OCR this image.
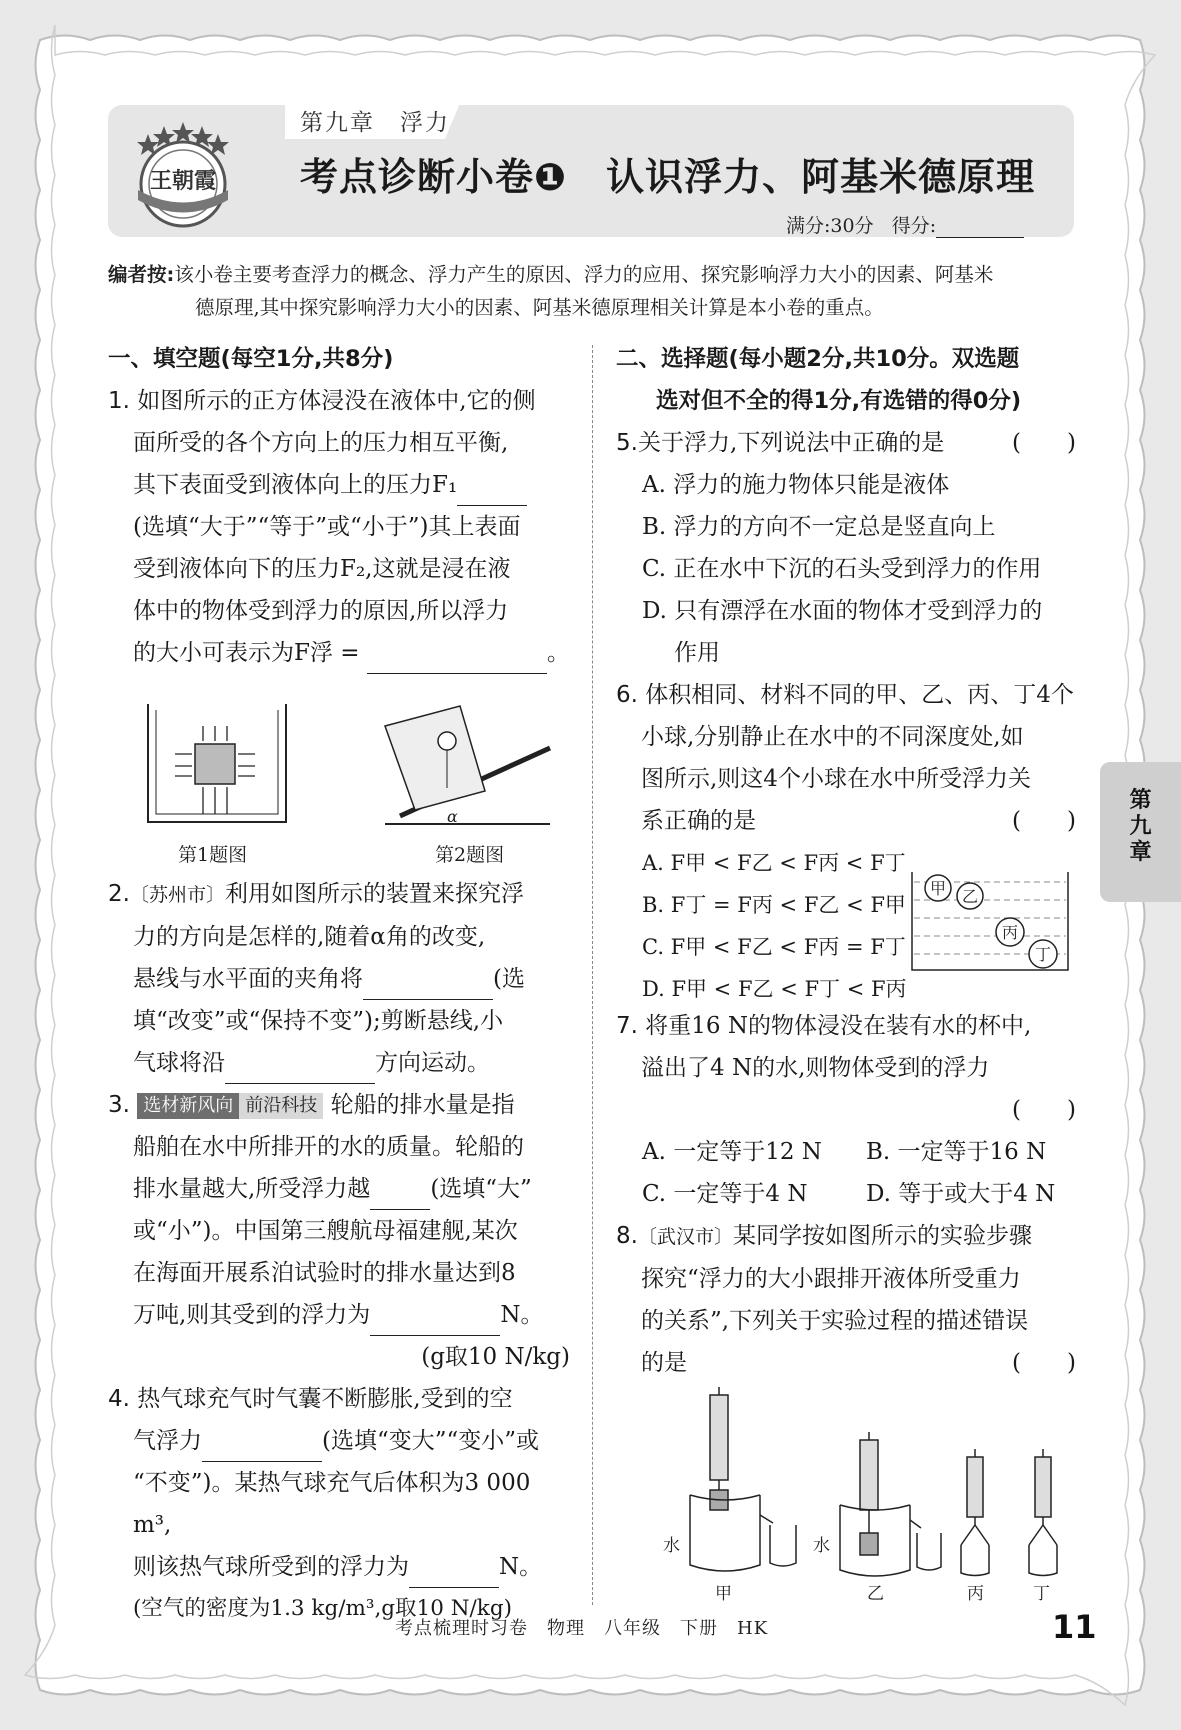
第九章　浮力
王朝霞 考点诊断小卷❶　认识浮力、阿基米德原理
满分:30分 得分:
编者按:该小卷主要考查浮力的概念、浮力产生的原因、浮力的应用、探究影响浮力大小的因素、阿基米
德原理,其中探究影响浮力大小的因素、阿基米德原理相关计算是本小卷的重点。
一、填空题(每空1分,共8分)
1. 如图所示的正方体浸没在液体中,它的侧
面所受的各个方向上的压力相互平衡,
其下表面受到液体向上的压力F₁
(选填“大于”“等于”或“小于”)其上表面
受到液体向下的压力F₂,这就是浸在液
体中的物体受到浮力的原因,所以浮力
的大小可表示为F浮 =	。
α
第1题图	第2题图
2.〔苏州市〕利用如图所示的装置来探究浮
力的方向是怎样的,随着α角的改变,
悬线与水平面的夹角将	(选
填“改变”或“保持不变”);剪断悬线,小
气球将沿	方向运动。
3. 选材新风向 前沿科技 轮船的排水量是指
船舶在水中所排开的水的质量。轮船的
排水量越大,所受浮力越	(选填“大”
或“小”)。中国第三艘航母福建舰,某次
在海面开展系泊试验时的排水量达到8
万吨,则其受到的浮力为	N。
(g取10 N/kg)
4. 热气球充气时气囊不断膨胀,受到的空
气浮力	(选填“变大”“变小”或
“不变”)。某热气球充气后体积为3 000 m³,
则该热气球所受到的浮力为	N。
(空气的密度为1.3 kg/m³,g取10 N/kg)
二、选择题(每小题2分,共10分。双选题
选对但不全的得1分,有选错的得0分)
5.关于浮力,下列说法中正确的是	(　　)
A. 浮力的施力物体只能是液体
B. 浮力的方向不一定总是竖直向上
C. 正在水中下沉的石头受到浮力的作用
D. 只有漂浮在水面的物体才受到浮力的
作用
6. 体积相同、材料不同的甲、乙、丙、丁4个
小球,分别静止在水中的不同深度处,如
图所示,则这4个小球在水中所受浮力关
系正确的是	(　　)
A. F甲 < F乙 < F丙 < F丁
B. F丁 = F丙 < F乙 < F甲
C. F甲 < F乙 < F丙 = F丁
D. F甲 < F乙 < F丁 < F丙
甲 乙
丙
丁
7. 将重16 N的物体浸没在装有水的杯中,
溢出了4 N的水,则物体受到的浮力
(　　)
A. 一定等于12 N B. 一定等于16 N
C. 一定等于4 N	D. 等于或大于4 N
8.〔武汉市〕某同学按如图所示的实验步骤
探究“浮力的大小跟排开液体所受重力
的关系”,下列关于实验过程的描述错误
的是	(　　)
水	水
甲	乙	丙	丁
第
九
章
考点梳理时习卷　物理　八年级　下册　HK	11
